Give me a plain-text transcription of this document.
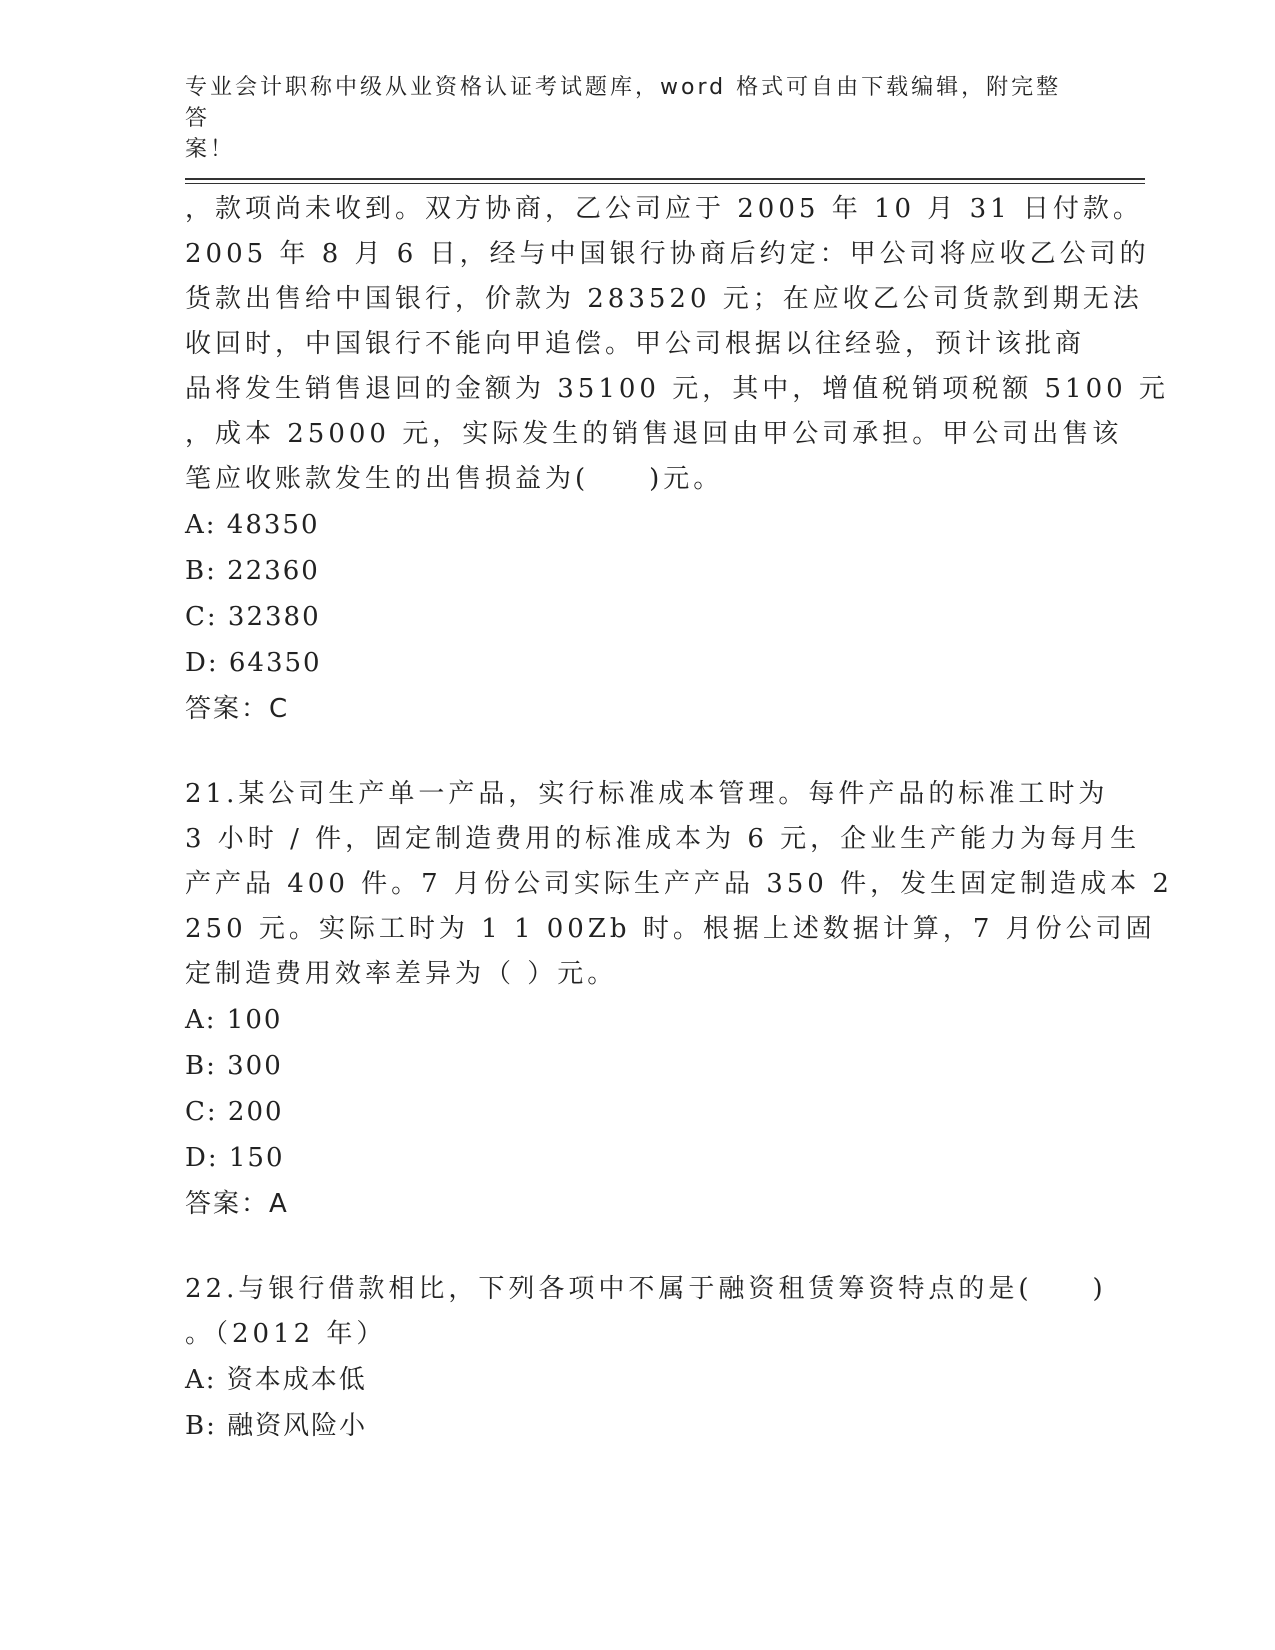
专业会计职称中级从业资格认证考试题库，word 格式可自由下载编辑，附完整答
案！
，款项尚未收到。双方协商，乙公司应于 2005 年 10 月 31 日付款。
2005 年 8 月 6 日，经与中国银行协商后约定：甲公司将应收乙公司的
货款出售给中国银行，价款为 283520 元；在应收乙公司货款到期无法
收回时，中国银行不能向甲追偿。甲公司根据以往经验，预计该批商
品将发生销售退回的金额为 35100 元，其中，增值税销项税额 5100 元
，成本 25000 元，实际发生的销售退回由甲公司承担。甲公司出售该
笔应收账款发生的出售损益为(　　)元。
A: 48350
B: 22360
C: 32380
D: 64350
答案：C
21.某公司生产单一产品，实行标准成本管理。每件产品的标准工时为
3 小时 / 件，固定制造费用的标准成本为 6 元，企业生产能力为每月生
产产品 400 件。7 月份公司实际生产产品 350 件，发生固定制造成本 2
250 元。实际工时为 1 1 00Zb 时。根据上述数据计算，7 月份公司固
定制造费用效率差异为（ ）元。
A: 100
B: 300
C: 200
D: 150
答案：A
22.与银行借款相比，下列各项中不属于融资租赁筹资特点的是(　　)
。（2012 年）
A: 资本成本低
B: 融资风险小
